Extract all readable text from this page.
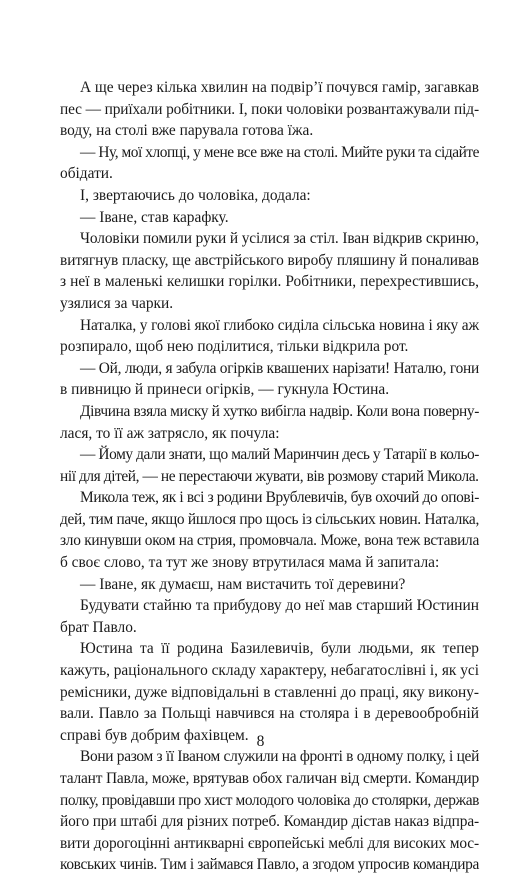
А ще через кілька хвилин на подвір’ї почувся гамір, загавкав
пес — приїхали робітники. І, поки чоловіки розвантажували під-
воду, на столі вже парувала готова їжа.
— Ну, мої хлопці, у мене все вже на столі. Мийте руки та сідайте
обідати.
І, звертаючись до чоловіка, додала:
— Іване, став карафку.
Чоловіки помили руки й усілися за стіл. Іван відкрив скриню,
витягнув пласку, ще австрійського виробу пляшину й поналивав
з неї в маленькі келишки горілки. Робітники, перехрестившись,
узялися за чарки.
Наталка, у голові якої глибоко сиділа сільська новина і яку аж
розпирало, щоб нею поділитися, тільки відкрила рот.
— Ой, люди, я забула огірків квашених нарізати! Наталю, гони
в пивницю й принеси огірків, — гукнула Юстина.
Дівчина взяла миску й хутко вибігла надвір. Коли вона поверну-
лася, то її аж затрясло, як почула:
— Йому дали знати, що малий Маринчин десь у Татарії в кольо-
нії для дітей, — не перестаючи жувати, вів розмову старий Микола.
Микола теж, як і всі з родини Врублевичів, був охочий до опові-
дей, тим паче, якщо йшлося про щось із сільських новин. Наталка,
зло кинувши оком на стрия, промовчала. Може, вона теж вставила
б своє слово, та тут же знову втрутилася мама й запитала:
— Іване, як думаєш, нам вистачить тої деревини?
Будувати стайню та прибудову до неї мав старший Юстинин
брат Павло.
Юстина та її родина Базилевичів, були людьми, як тепер
кажуть, раціонального складу характеру, небагатослівні і, як усі
ремісники, дуже відповідальні в ставленні до праці, яку викону-
вали. Павло за Польщі навчився на столяра і в деревообробній
справі був добрим фахівцем.
Вони разом з її Іваном служили на фронті в одному полку, і цей
талант Павла, може, врятував обох галичан від смерти. Командир
полку, провідавши про хист молодого чоловіка до столярки, держав
його при штабі для різних потреб. Командир дістав наказ відпра-
вити дорогоцінні антикварні європейські меблі для високих мос-
ковських чинів. Тим і займався Павло, а згодом упросив командира
8
